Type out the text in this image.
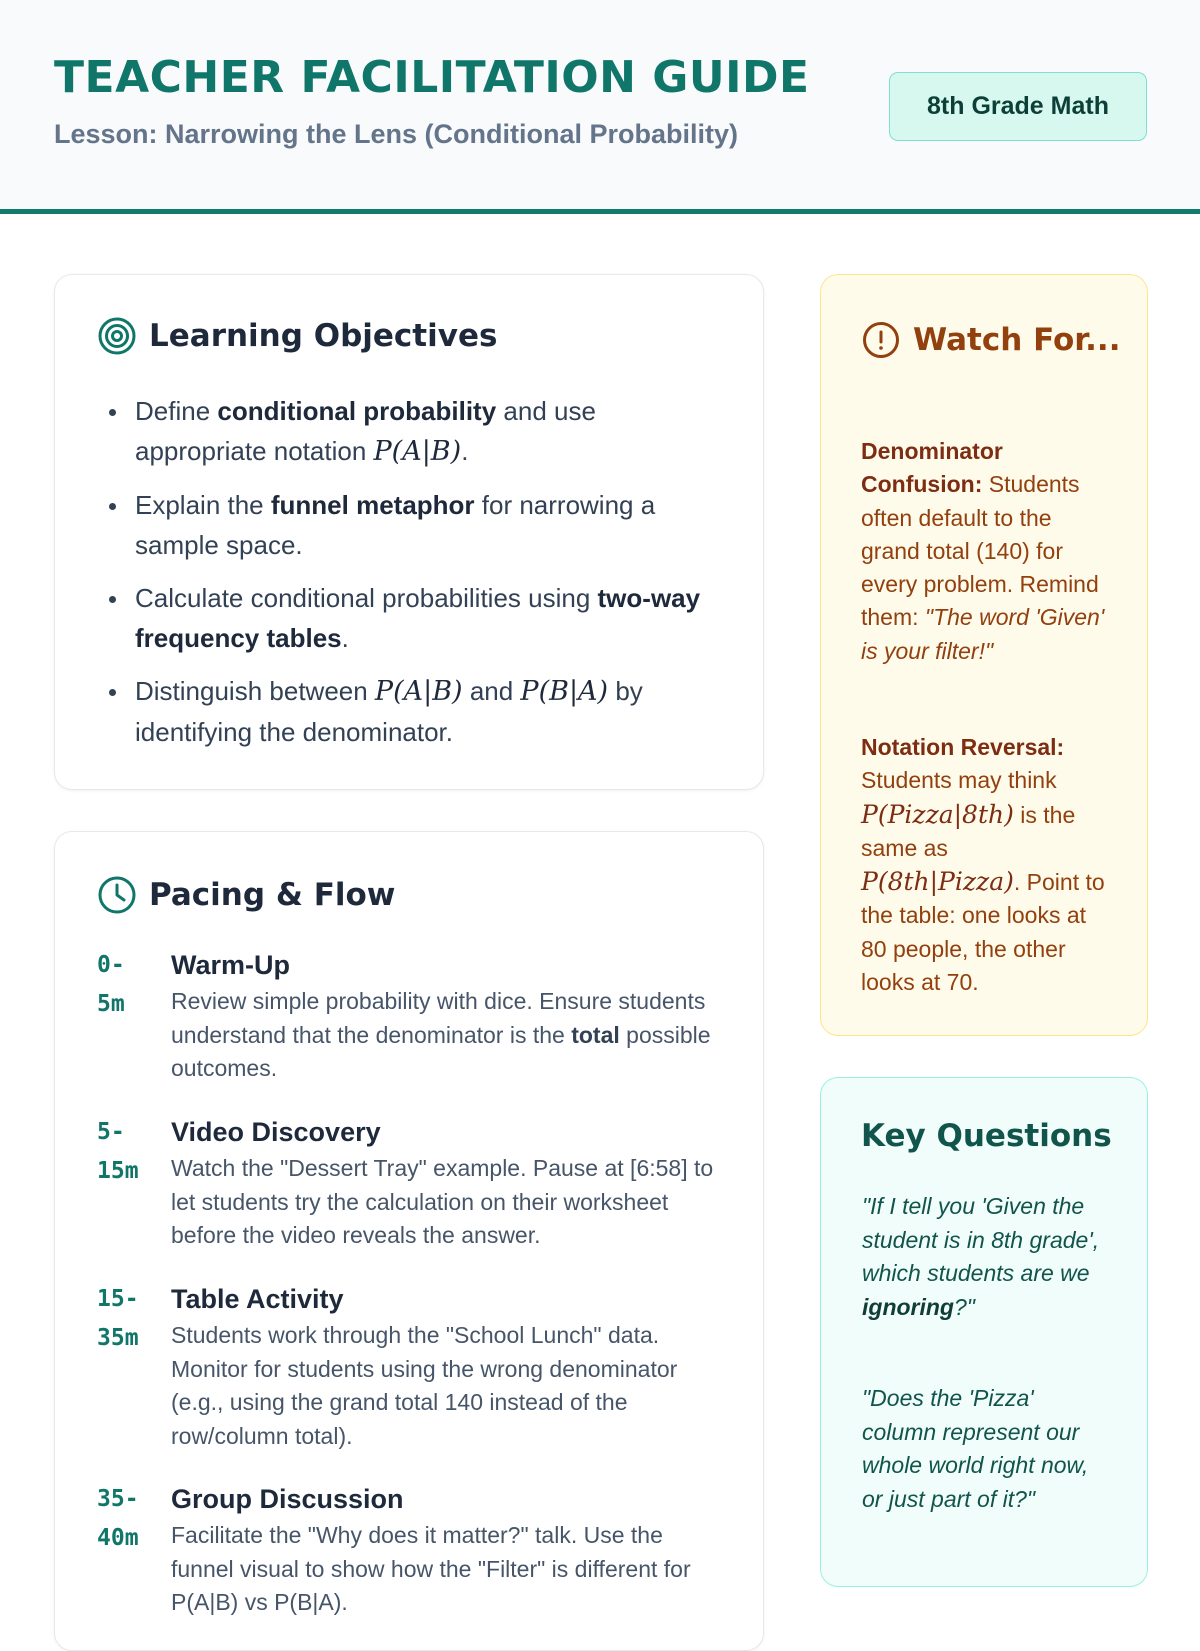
TEACHER FACILITATION GUIDE
Lesson: Narrowing the Lens (Conditional Probability)
8th Grade Math
Learning Objectives
Define conditional probability and use appropriate notation P(A|B).
Explain the funnel metaphor for narrowing a sample space.
Calculate conditional probabilities using two-way frequency tables.
Distinguish between P(A|B) and P(B|A) by identifying the denominator.
Pacing & Flow
0-
5m
Warm-Up
Review simple probability with dice. Ensure students understand that the denominator is the total possible outcomes.
5-
15m
Video Discovery
Watch the "Dessert Tray" example. Pause at [6:58] to let students try the calculation on their worksheet before the video reveals the answer.
15-
35m
Table Activity
Students work through the "School Lunch" data. Monitor for students using the wrong denominator (e.g., using the grand total 140 instead of the row/column total).
35-
40m
Group Discussion
Facilitate the "Why does it matter?" talk. Use the funnel visual to show how the "Filter" is different for P(A|B) vs P(B|A).
Watch For...
Denominator Confusion: Students often default to the grand total (140) for every problem. Remind them: "The word 'Given' is your filter!"
Notation Reversal: Students may think P(Pizza|8th) is the same as P(8th|Pizza). Point to the table: one looks at 80 people, the other looks at 70.
Key Questions
"If I tell you 'Given the student is in 8th grade', which students are we ignoring?"
"Does the 'Pizza' column represent our whole world right now, or just part of it?"
